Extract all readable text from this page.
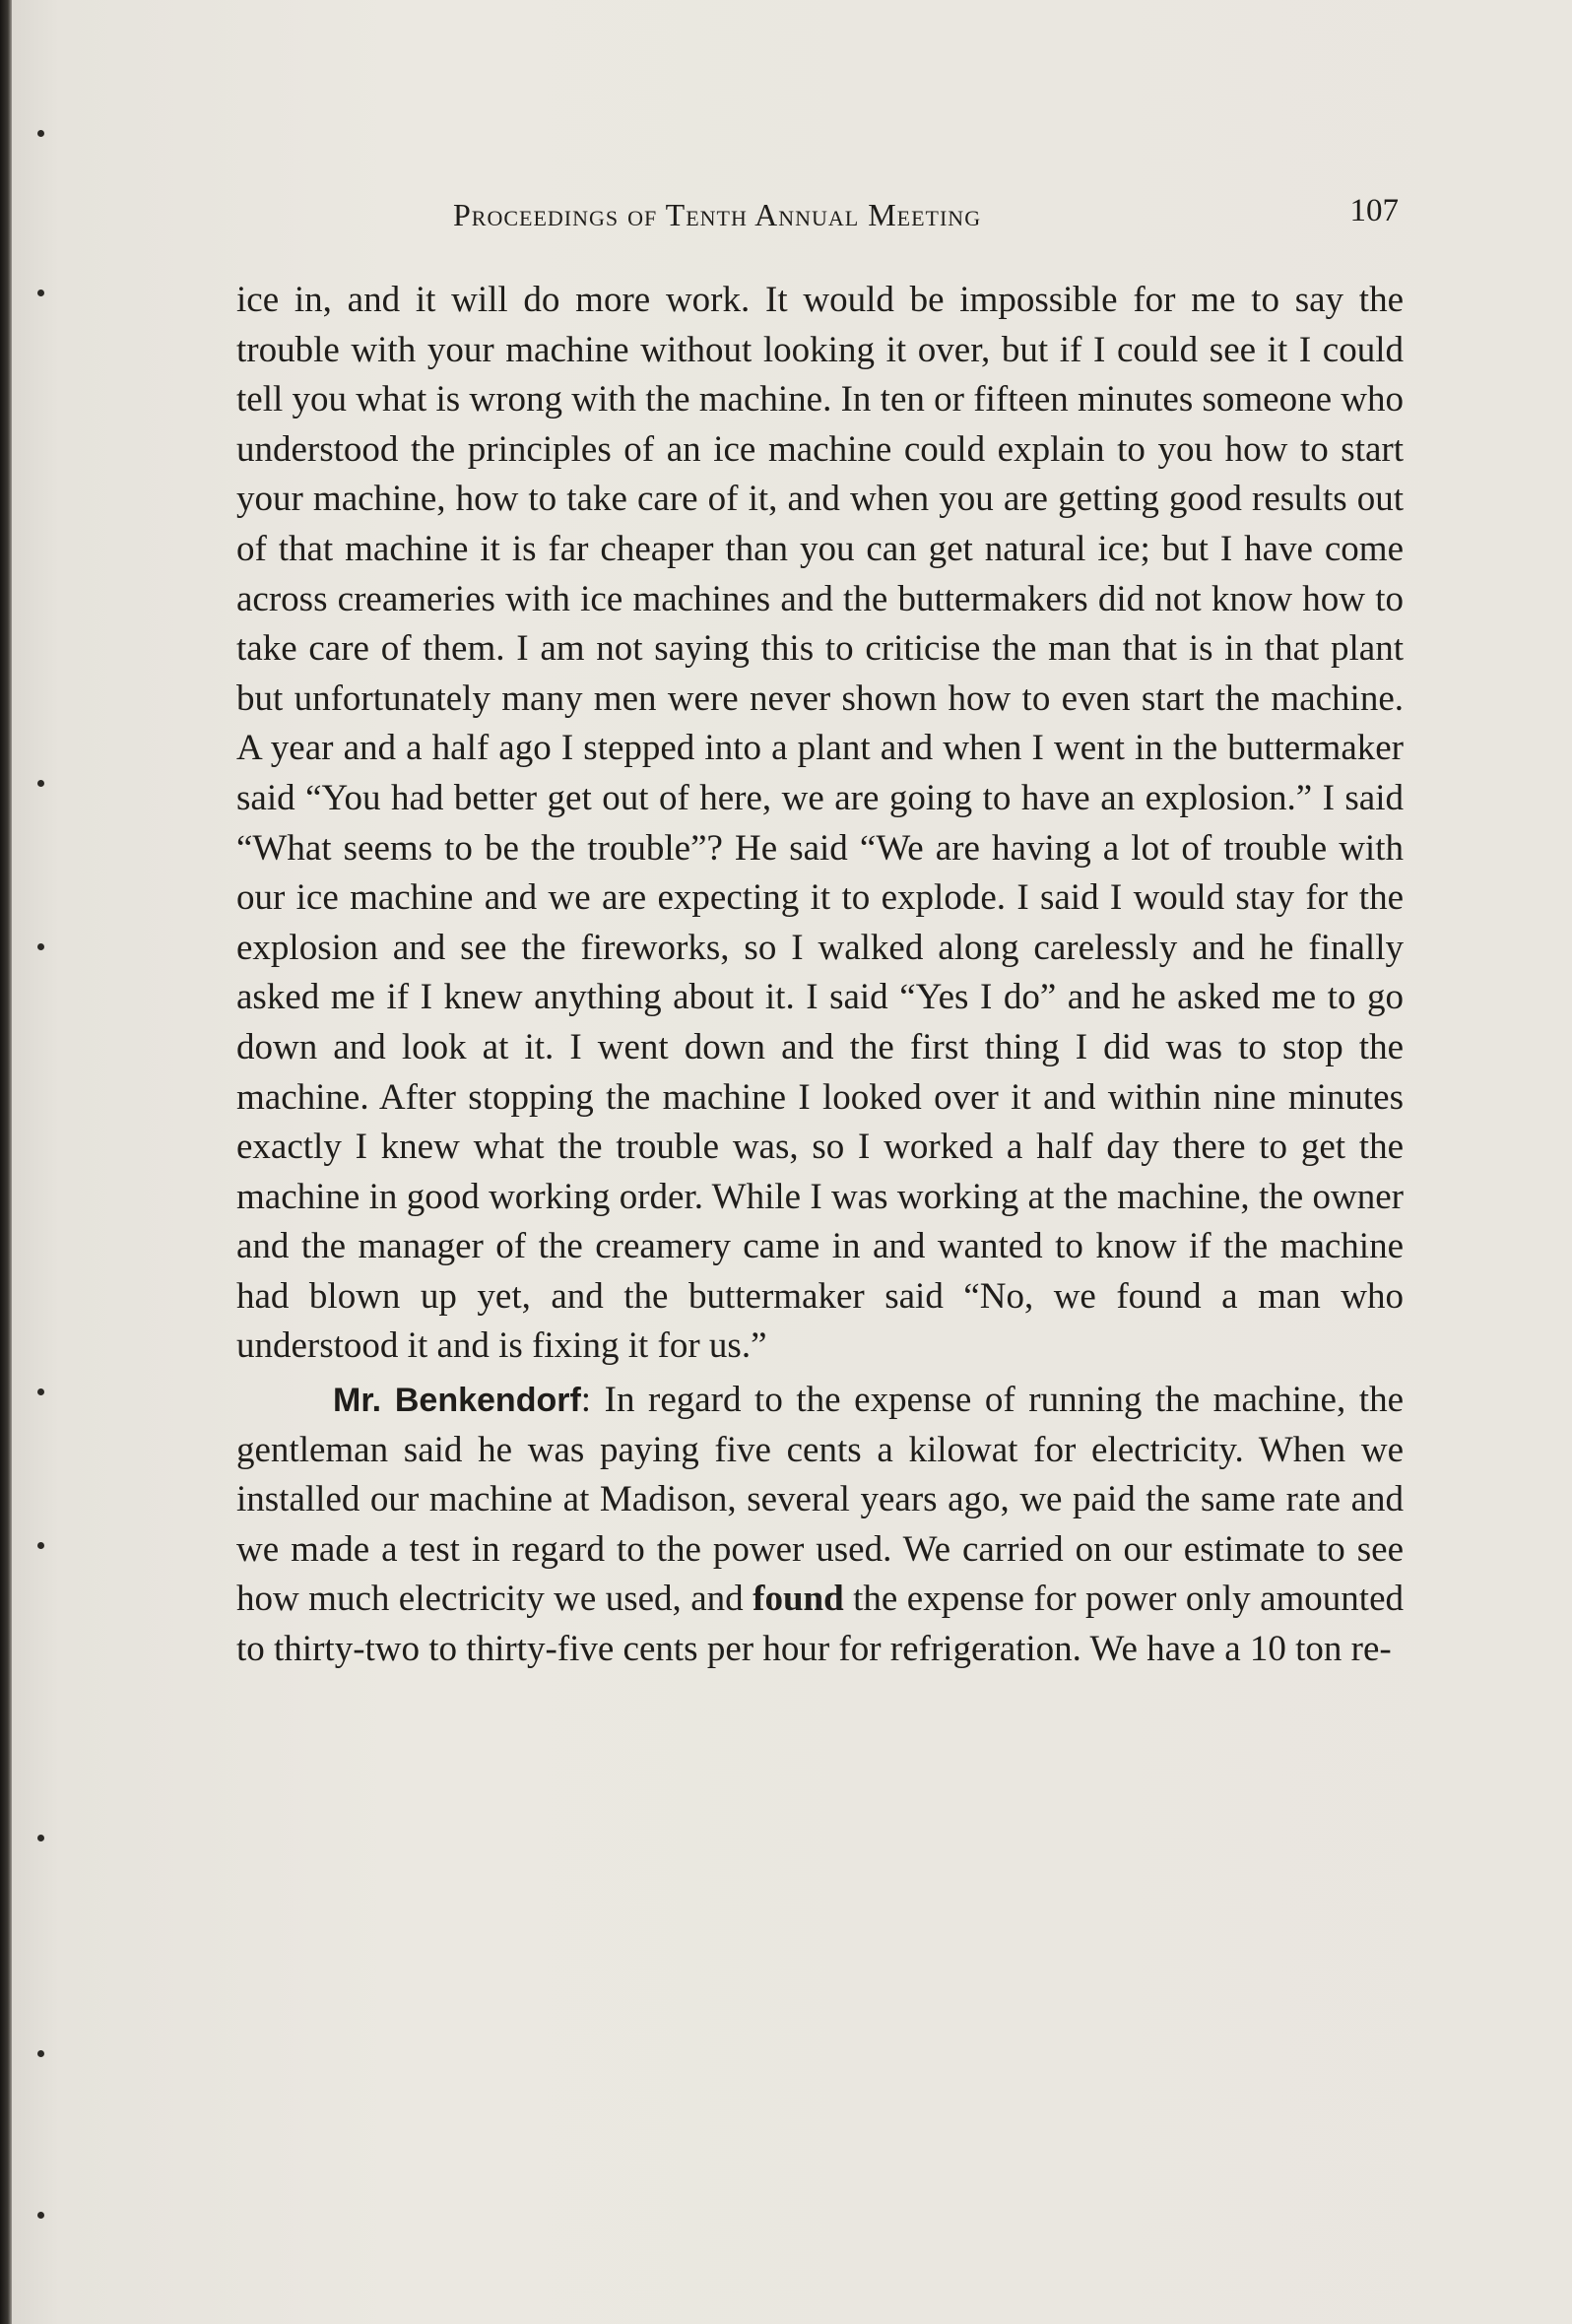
Proceedings of Tenth Annual Meeting	107

ice in, and it will do more work. It would be impossible for me to say the trouble with your machine without looking it over, but if I could see it I could tell you what is wrong with the machine. In ten or fifteen minutes someone who understood the principles of an ice machine could explain to you how to start your machine, how to take care of it, and when you are getting good results out of that machine it is far cheaper than you can get natural ice; but I have come across creameries with ice machines and the buttermakers did not know how to take care of them. I am not saying this to criticise the man that is in that plant but unfortunately many men were never shown how to even start the machine. A year and a half ago I stepped into a plant and when I went in the buttermaker said “You had better get out of here, we are going to have an explosion.” I said “What seems to be the trouble”? He said “We are having a lot of trouble with our ice machine and we are expecting it to explode. I said I would stay for the explosion and see the fireworks, so I walked along carelessly and he finally asked me if I knew anything about it. I said “Yes I do” and he asked me to go down and look at it. I went down and the first thing I did was to stop the machine. After stopping the machine I looked over it and within nine minutes exactly I knew what the trouble was, so I worked a half day there to get the machine in good working order. While I was working at the machine, the owner and the manager of the creamery came in and wanted to know if the machine had blown up yet, and the buttermaker said “No, we found a man who understood it and is fixing it for us.”

Mr. Benkendorf: In regard to the expense of running the machine, the gentleman said he was paying five cents a kilowat for electricity. When we installed our machine at Madison, several years ago, we paid the same rate and we made a test in regard to the power used. We carried on our estimate to see how much electricity we used, and found the expense for power only amounted to thirty-two to thirty-five cents per hour for refrigeration. We have a 10 ton re-
